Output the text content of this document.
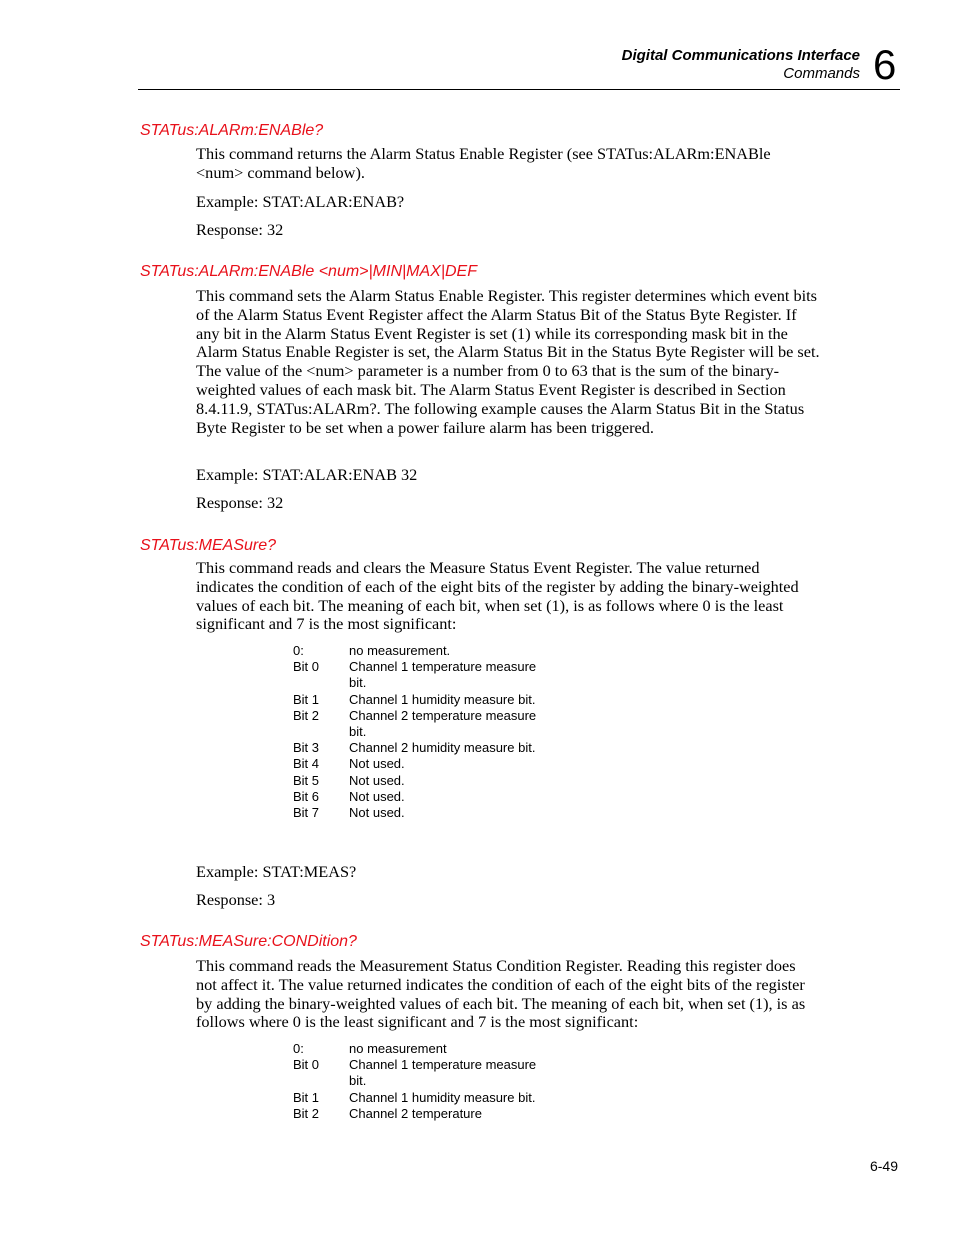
Digital Communications Interface
Commands 6
STATus:ALARm:ENABle?
This command returns the Alarm Status Enable Register (see STATus:ALARm:ENABle <num> command below).
Example: STAT:ALAR:ENAB?
Response: 32
STATus:ALARm:ENABle <num>|MIN|MAX|DEF
This command sets the Alarm Status Enable Register. This register determines which event bits of the Alarm Status Event Register affect the Alarm Status Bit of the Status Byte Register. If any bit in the Alarm Status Event Register is set (1) while its corresponding mask bit in the Alarm Status Enable Register is set, the Alarm Status Bit in the Status Byte Register will be set. The value of the <num> parameter is a number from 0 to 63 that is the sum of the binary-weighted values of each mask bit. The Alarm Status Event Register is described in Section 8.4.11.9, STATus:ALARm?. The following example causes the Alarm Status Bit in the Status Byte Register to be set when a power failure alarm has been triggered.
Example: STAT:ALAR:ENAB 32
Response: 32
STATus:MEASure?
This command reads and clears the Measure Status Event Register. The value returned indicates the condition of each of the eight bits of the register by adding the binary-weighted values of each bit. The meaning of each bit, when set (1), is as follows where 0 is the least significant and 7 is the most significant:
0:	no measurement.
Bit 0	Channel 1 temperature measure bit.
Bit 1	Channel 1 humidity measure bit.
Bit 2	Channel 2 temperature measure bit.
Bit 3	Channel 2 humidity measure bit.
Bit 4	Not used.
Bit 5	Not used.
Bit 6	Not used.
Bit 7	Not used.
Example: STAT:MEAS?
Response: 3
STATus:MEASure:CONDition?
This command reads the Measurement Status Condition Register. Reading this register does not affect it. The value returned indicates the condition of each of the eight bits of the register by adding the binary-weighted values of each bit. The meaning of each bit, when set (1), is as follows where 0 is the least significant and 7 is the most significant:
0:	no measurement
Bit 0	Channel 1 temperature measure bit.
Bit 1	Channel 1 humidity measure bit.
Bit 2	Channel 2 temperature
6-49
